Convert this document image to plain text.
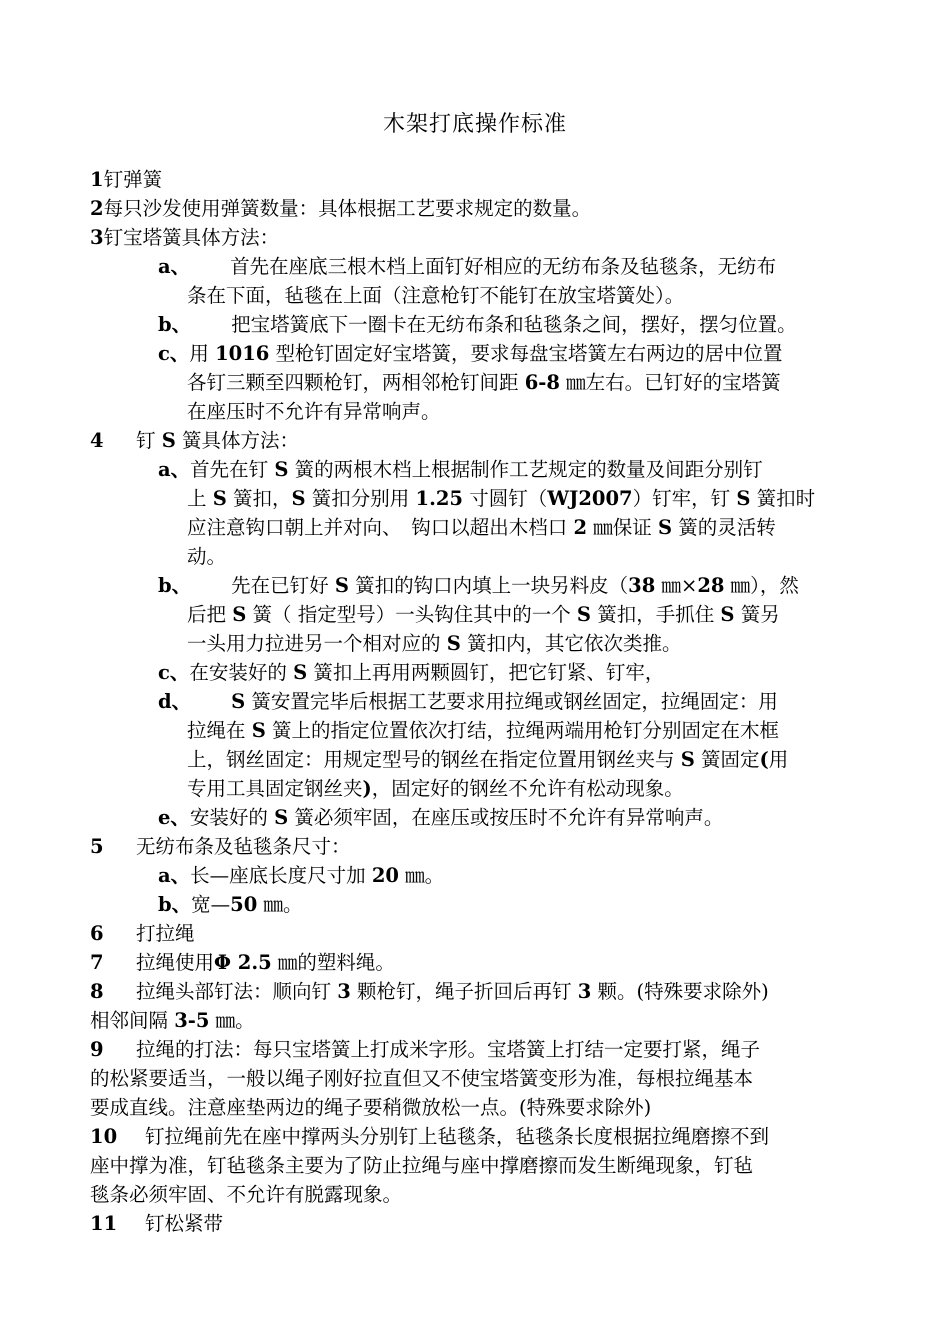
木架打底操作标准
1钉弹簧
2每只沙发使用弹簧数量：具体根据工艺要求规定的数量。
3钉宝塔簧具体方法：
a、 首先在座底三根木档上面钉好相应的无纺布条及毡毯条，无纺布
条在下面，毡毯在上面（注意枪钉不能钉在放宝塔簧处）。
b、 把宝塔簧底下一圈卡在无纺布条和毡毯条之间，摆好，摆匀位置。
c、用 1016 型枪钉固定好宝塔簧，要求每盘宝塔簧左右两边的居中位置
各钉三颗至四颗枪钉，两相邻枪钉间距 6-8 ㎜左右。已钉好的宝塔簧
在座压时不允许有异常响声。
4 钉 S 簧具体方法：
a、首先在钉 S 簧的两根木档上根据制作工艺规定的数量及间距分别钉
上 S 簧扣，S 簧扣分别用 1.25 寸圆钉（WJ2007）钉牢，钉 S 簧扣时
应注意钩口朝上并对向、　钩口以超出木档口 2 ㎜保证 S 簧的灵活转
动。
b、 先在已钉好 S 簧扣的钩口内填上一块另料皮（38 ㎜×28 ㎜），然
后把 S 簧（ 指定型号）一头钩住其中的一个 S 簧扣，手抓住 S 簧另
一头用力拉进另一个相对应的 S 簧扣内，其它依次类推。
c、在安装好的 S 簧扣上再用两颗圆钉，把它钉紧、钉牢，
d、 S 簧安置完毕后根据工艺要求用拉绳或钢丝固定，拉绳固定：用
拉绳在 S 簧上的指定位置依次打结，拉绳两端用枪钉分别固定在木框
上，钢丝固定：用规定型号的钢丝在指定位置用钢丝夹与 S 簧固定(用
专用工具固定钢丝夹)，固定好的钢丝不允许有松动现象。
e、安装好的 S 簧必须牢固，在座压或按压时不允许有异常响声。
5 无纺布条及毡毯条尺寸：
a、长—座底长度尺寸加 20 ㎜。
b、宽—50 ㎜。
6 打拉绳
7 拉绳使用Φ 2.5 ㎜的塑料绳。
8 拉绳头部钉法：顺向钉 3 颗枪钉，绳子折回后再钉 3 颗。(特殊要求除外)
相邻间隔 3-5 ㎜。
9 拉绳的打法：每只宝塔簧上打成米字形。宝塔簧上打结一定要打紧，绳子
的松紧要适当，一般以绳子刚好拉直但又不使宝塔簧变形为准，每根拉绳基本
要成直线。注意座垫两边的绳子要稍微放松一点。(特殊要求除外)
10 钉拉绳前先在座中撑两头分别钉上毡毯条，毡毯条长度根据拉绳磨擦不到
座中撑为准，钉毡毯条主要为了防止拉绳与座中撑磨擦而发生断绳现象，钉毡
毯条必须牢固、不允许有脱露现象。
11 钉松紧带
